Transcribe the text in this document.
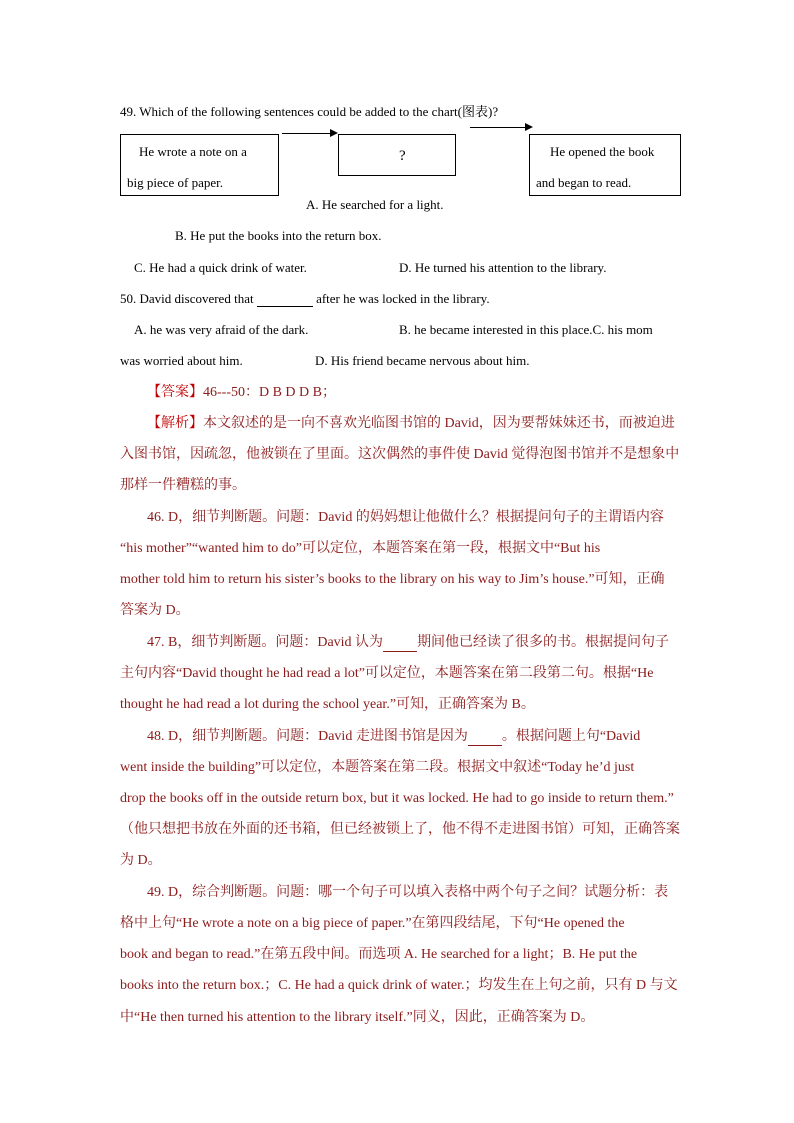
49. Which of the following sentences could be added to the chart(图表)?
He wrote a note on a
big piece of paper.
?	He opened the book
and began to read.
A. He searched for a light.
B. He put the books into the return box.
C. He had a quick drink of water.	D. He turned his attention to the library.
50. David discovered that	after he was locked in the library.
A. he was very afraid of the dark.	B. he became interested in this place.C. his mom
was worried about him.	D. His friend became nervous about him.
【答案】46---50：D B D D B；
【解析】本文叙述的是一向不喜欢光临图书馆的 David，因为要帮妹妹还书，而被迫进
入图书馆，因疏忽，他被锁在了里面。这次偶然的事件使 David 觉得泡图书馆并不是想象中
那样一件糟糕的事。
46. D，细节判断题。问题：David 的妈妈想让他做什么？根据提问句子的主谓语内容
“his mother”“wanted him to do”可以定位，本题答案在第一段，根据文中“But his
mother told him to return his sister’s books to the library on his way to Jim’s house.”可知，正确
答案为 D。
47. B，细节判断题。问题：David 认为 期间他已经读了很多的书。根据提问句子
主句内容“David thought he had read a lot”可以定位，本题答案在第二段第二句。根据“He
thought he had read a lot during the school year.”可知，正确答案为 B。
48. D，细节判断题。问题：David 走进图书馆是因为 。根据问题上句“David
went inside the building”可以定位，本题答案在第二段。根据文中叙述“Today he’d just
drop the books off in the outside return box, but it was locked. He had to go inside to return them.”
（他只想把书放在外面的还书箱，但已经被锁上了，他不得不走进图书馆）可知，正确答案
为 D。
49. D，综合判断题。问题：哪一个句子可以填入表格中两个句子之间？试题分析：表
格中上句“He wrote a note on a big piece of paper.”在第四段结尾，下句“He opened the
book and began to read.”在第五段中间。而选项 A. He searched for a light；B. He put the
books into the return box.；C. He had a quick drink of water.；均发生在上句之前，只有 D 与文
中“He then turned his attention to the library itself.”同义，因此，正确答案为 D。
